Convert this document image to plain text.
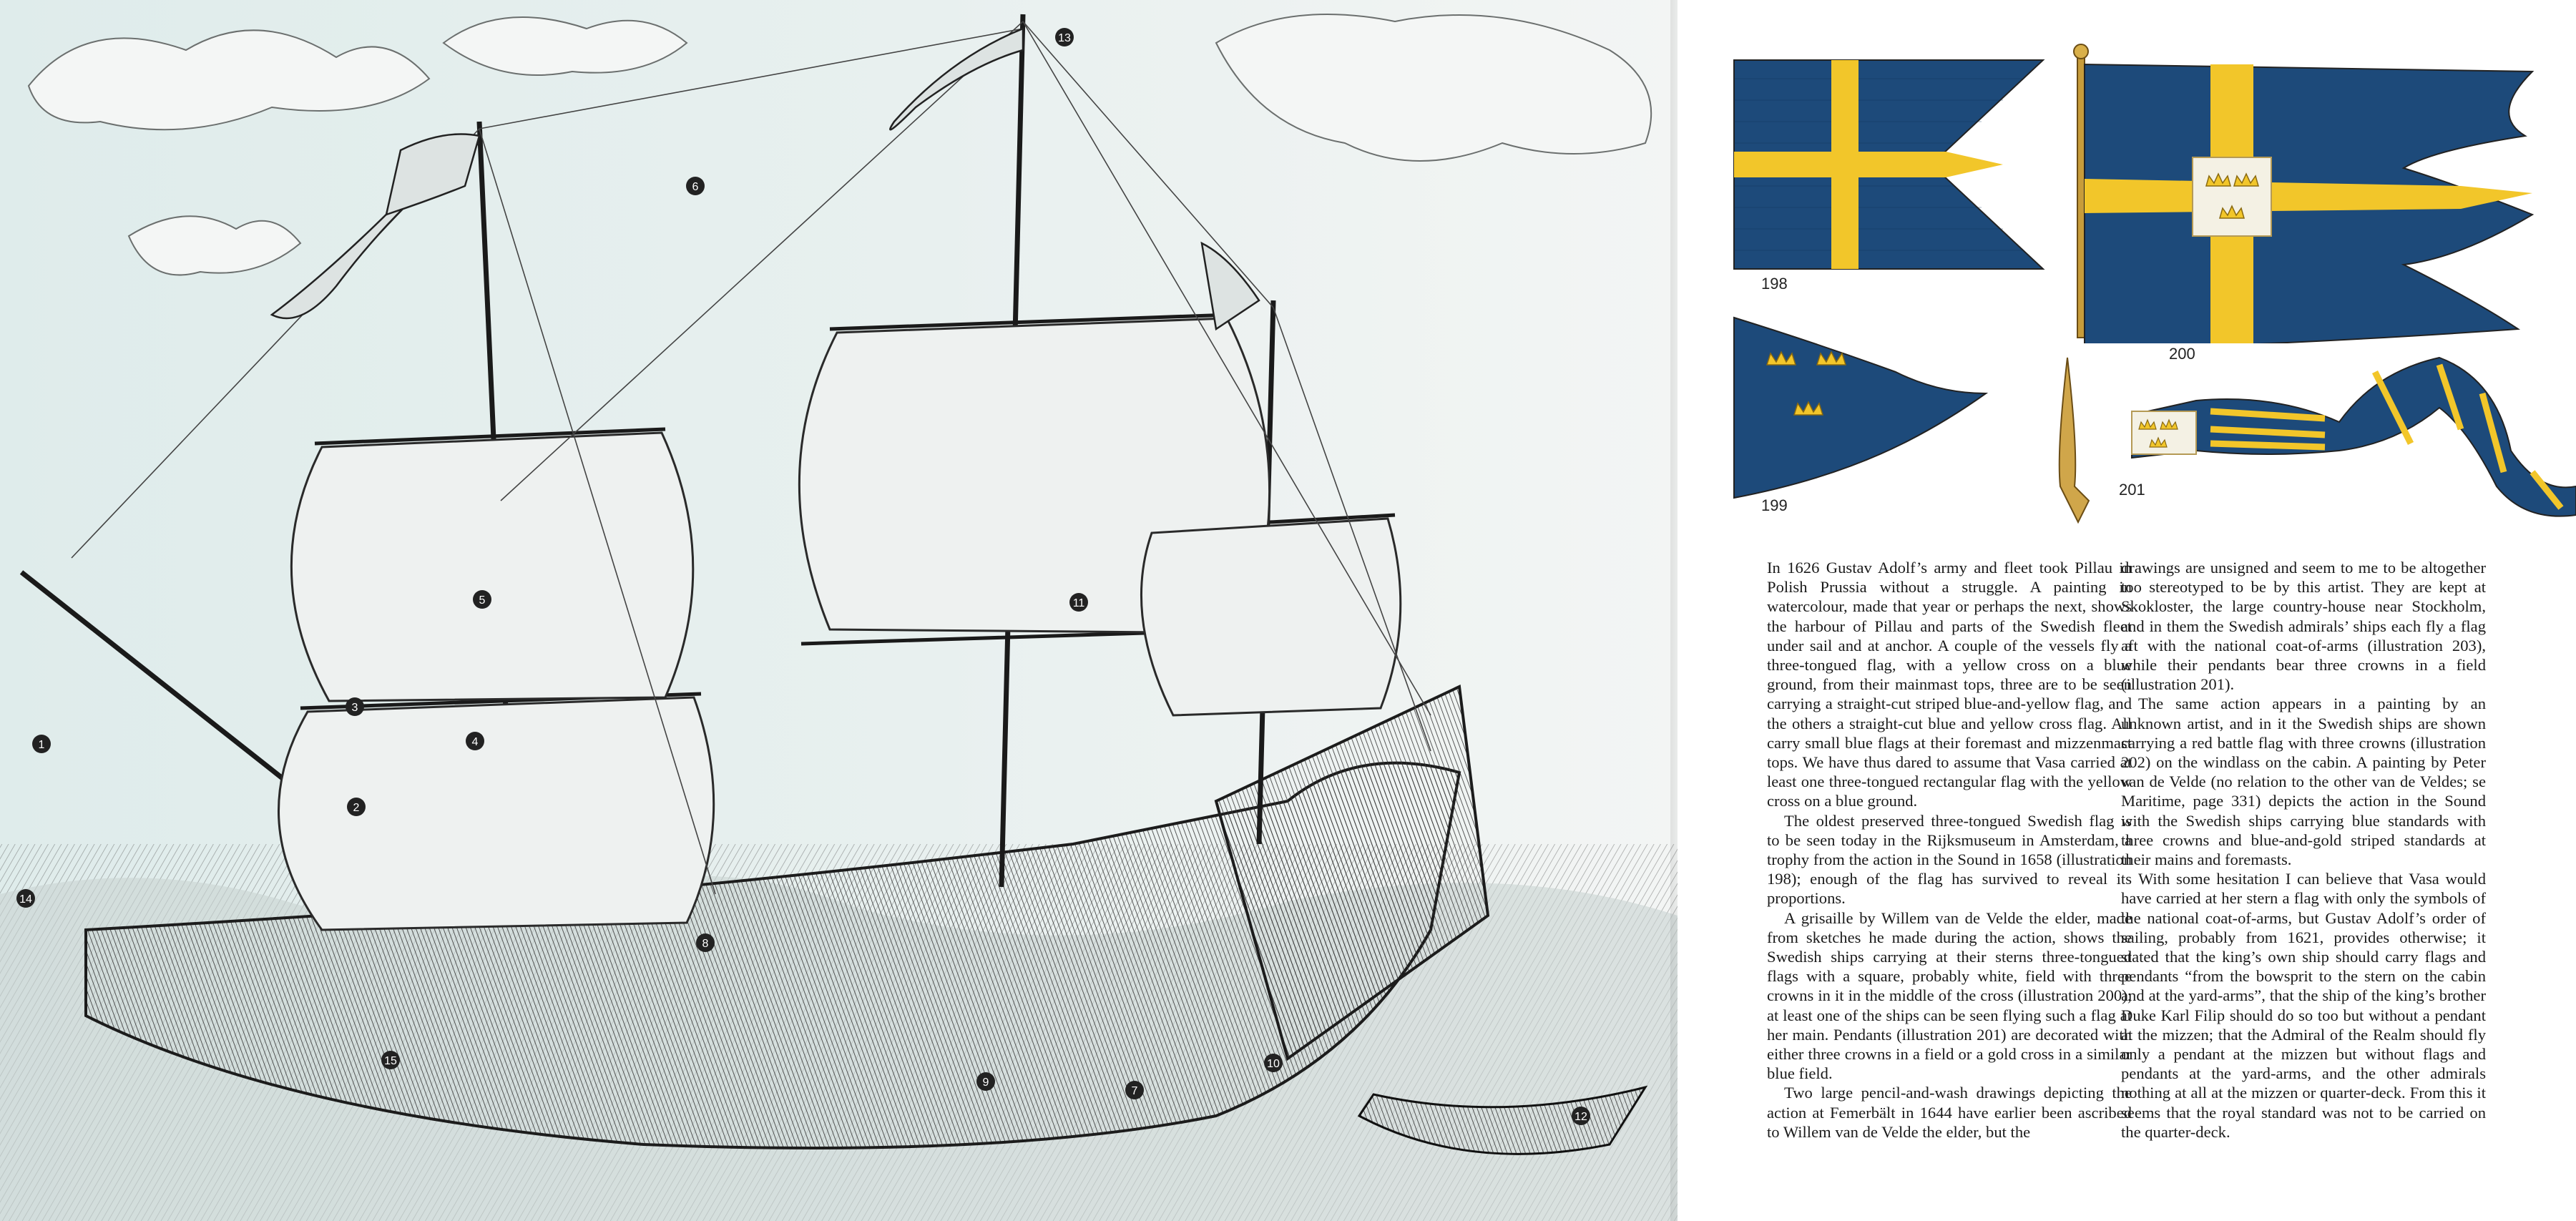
1
2
3
4
5
6
7
8
9
10
11
12
13
14
15
198
199
200
201

In 1626 Gustav Adolf’s army and fleet took Pillau in Polish Prussia without a struggle. A painting in watercolour, made that year or perhaps the next, shows the harbour of Pillau and parts of the Swedish fleet under sail and at anchor. A couple of the vessels fly a three-tongued flag, with a yellow cross on a blue ground, from their mainmast tops, three are to be seen carrying a straight-cut striped blue-and-yellow flag, and the others a straight-cut blue and yellow cross flag. All carry small blue flags at their foremast and mizzenmast tops. We have thus dared to assume that Vasa carried at least one three-tongued rectangular flag with the yellow cross on a blue ground.

The oldest preserved three-tongued Swedish flag is to be seen today in the Rijksmuseum in Amsterdam, a trophy from the action in the Sound in 1658 (illustration 198); enough of the flag has survived to reveal its proportions.

A grisaille by Willem van de Velde the elder, made from sketches he made during the action, shows the Swedish ships carrying at their sterns three-tongued flags with a square, probably white, field with three crowns in it in the middle of the cross (illustration 200); at least one of the ships can be seen flying such a flag at her main. Pendants (illustration 201) are decorated with either three crowns in a field or a gold cross in a similar blue field.

Two large pencil-and-wash drawings depicting the action at Femerbält in 1644 have earlier been ascribed to Willem van de Velde the elder, but the

drawings are unsigned and seem to me to be altogether too stereotyped to be by this artist. They are kept at Skokloster, the large country-house near Stockholm, and in them the Swedish admirals’ ships each fly a flag aft with the national coat-of-arms (illustration 203), while their pendants bear three crowns in a field (illustration 201).

The same action appears in a painting by an unknown artist, and in it the Swedish ships are shown carrying a red battle flag with three crowns (illustration 202) on the windlass on the cabin. A painting by Peter van de Velde (no relation to the other van de Veldes; se Maritime, page 331) depicts the action in the Sound with the Swedish ships carrying blue standards with three crowns and blue-and-gold striped standards at their mains and foremasts.

With some hesitation I can believe that Vasa would have carried at her stern a flag with only the symbols of the national coat-of-arms, but Gustav Adolf’s order of sailing, probably from 1621, provides otherwise; it stated that the king’s own ship should carry flags and pendants “from the bowsprit to the stern on the cabin and at the yard-arms”, that the ship of the king’s brother Duke Karl Filip should do so too but without a pendant at the mizzen; that the Admiral of the Realm should fly only a pendant at the mizzen but without flags and pendants at the yard-arms, and the other admirals nothing at all at the mizzen or quarter-deck. From this it seems that the royal standard was not to be carried on the quarter-deck.
